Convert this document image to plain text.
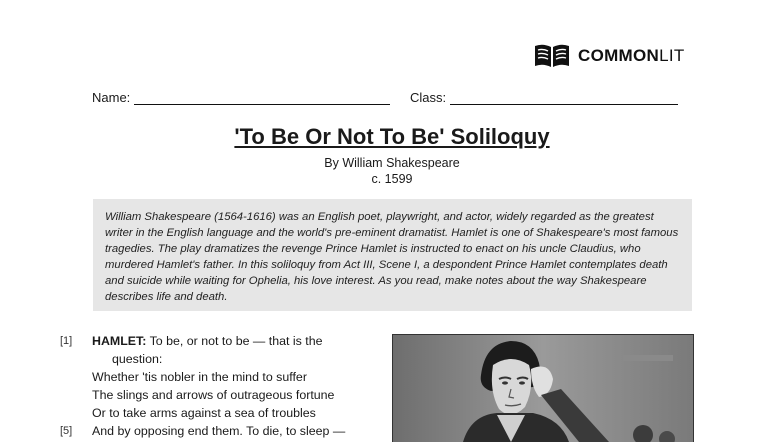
COMMONLIT
Name:	Class:
'To Be Or Not To Be' Soliloquy
By William Shakespeare
c. 1599
William Shakespeare (1564-1616) was an English poet, playwright, and actor, widely regarded as the greatest writer in the English language and the world's pre-eminent dramatist. Hamlet is one of Shakespeare's most famous tragedies. The play dramatizes the revenge Prince Hamlet is instructed to enact on his uncle Claudius, who murdered Hamlet's father. In this soliloquy from Act III, Scene I, a despondent Prince Hamlet contemplates death and suicide while waiting for Ophelia, his love interest. As you read, make notes about the way Shakespeare describes life and death.
[1]	HAMLET: To be, or not to be — that is the
question:
Whether 'tis nobler in the mind to suffer
The slings and arrows of outrageous fortune
Or to take arms against a sea of troubles
[5]	And by opposing end them. To die, to sleep —
